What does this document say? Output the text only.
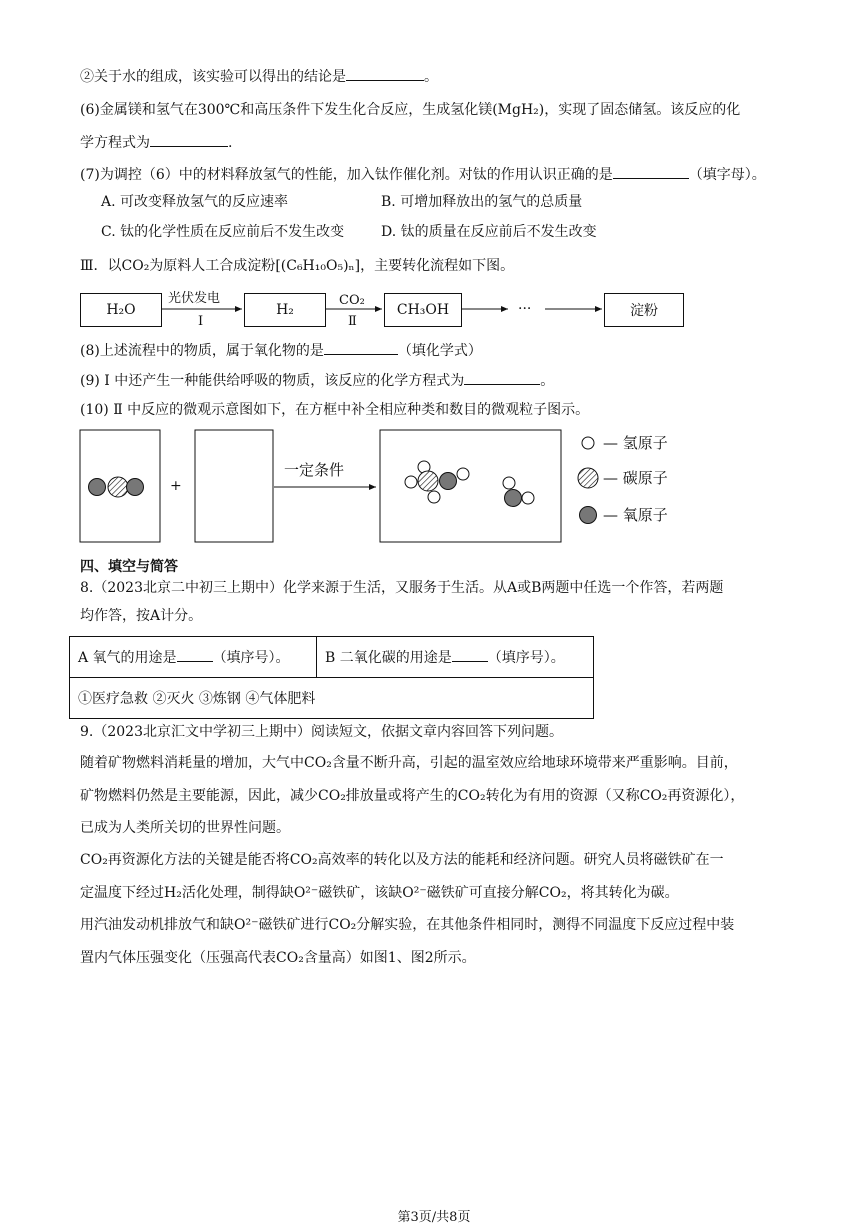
②关于水的组成，该实验可以得出的结论是	。
(6)金属镁和氢气在300℃和高压条件下发生化合反应，生成氢化镁(MgH₂)，实现了固态储氢。该反应的化
学方程式为	.
(7)为调控（6）中的材料释放氢气的性能，加入钛作催化剂。对钛的作用认识正确的是	（填字母）。
A. 可改变释放氢气的反应速率	B. 可增加释放出的氢气的总质量
C. 钛的化学性质在反应前后不发生改变	D. 钛的质量在反应前后不发生改变
Ⅲ．以CO₂为原料人工合成淀粉[(C₆H₁₀O₅)ₙ]，主要转化流程如下图。
H₂O	H₂	CH₃OH	淀粉
光伏发电
Ⅰ
CO₂
Ⅱ
···
(8)上述流程中的物质，属于氧化物的是	（填化学式）
(9) Ⅰ 中还产生一种能供给呼吸的物质，该反应的化学方程式为	。
(10) Ⅱ 中反应的微观示意图如下，在方框中补全相应种类和数目的微观粒子图示。
+
一定条件
— 氢原子
— 碳原子
— 氧原子
四、填空与简答
8.（2023北京二中初三上期中）化学来源于生活，又服务于生活。从A或B两题中任选一个作答，若两题
均作答，按A计分。
A 氧气的用途是	（填序号）。	B 二氧化碳的用途是	（填序号）。
①医疗急救 ②灭火 ③炼钢 ④气体肥料
9.（2023北京汇文中学初三上期中）阅读短文，依据文章内容回答下列问题。
随着矿物燃料消耗量的增加，大气中CO₂含量不断升高，引起的温室效应给地球环境带来严重影响。目前，
矿物燃料仍然是主要能源，因此，减少CO₂排放量或将产生的CO₂转化为有用的资源（又称CO₂再资源化），
已成为人类所关切的世界性问题。
CO₂再资源化方法的关键是能否将CO₂高效率的转化以及方法的能耗和经济问题。研究人员将磁铁矿在一
定温度下经过H₂活化处理，制得缺O²⁻磁铁矿，该缺O²⁻磁铁矿可直接分解CO₂，将其转化为碳。
用汽油发动机排放气和缺O²⁻磁铁矿进行CO₂分解实验，在其他条件相同时，测得不同温度下反应过程中装
置内气体压强变化（压强高代表CO₂含量高）如图1、图2所示。
第3页/共8页
